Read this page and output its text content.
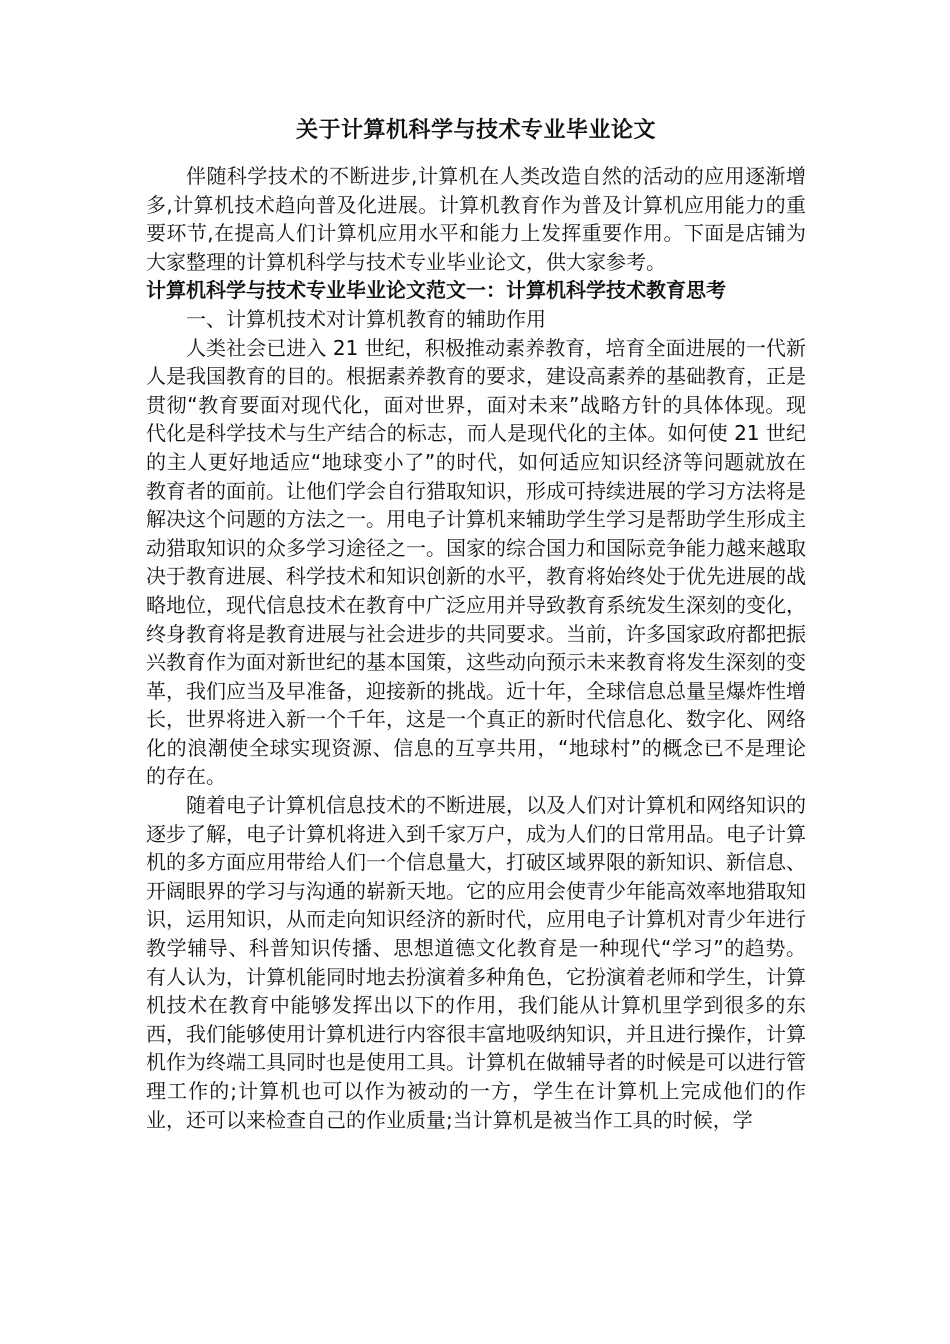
关于计算机科学与技术专业毕业论文

伴随科学技术的不断进步,计算机在人类改造自然的活动的应用逐渐增多,计算机技术趋向普及化进展。计算机教育作为普及计算机应用能力的重要环节,在提高人们计算机应用水平和能力上发挥重要作用。下面是店铺为大家整理的计算机科学与技术专业毕业论文，供大家参考。

计算机科学与技术专业毕业论文范文一：计算机科学技术教育思考

一、计算机技术对计算机教育的辅助作用

人类社会已进入 21 世纪，积极推动素养教育，培育全面进展的一代新人是我国教育的目的。根据素养教育的要求，建设高素养的基础教育，正是贯彻“教育要面对现代化，面对世界，面对未来”战略方针的具体体现。现代化是科学技术与生产结合的标志，而人是现代化的主体。如何使 21 世纪的主人更好地适应“地球变小了”的时代，如何适应知识经济等问题就放在教育者的面前。让他们学会自行猎取知识，形成可持续进展的学习方法将是解决这个问题的方法之一。用电子计算机来辅助学生学习是帮助学生形成主动猎取知识的众多学习途径之一。国家的综合国力和国际竞争能力越来越取决于教育进展、科学技术和知识创新的水平，教育将始终处于优先进展的战略地位，现代信息技术在教育中广泛应用并导致教育系统发生深刻的变化，终身教育将是教育进展与社会进步的共同要求。当前，许多国家政府都把振兴教育作为面对新世纪的基本国策，这些动向预示未来教育将发生深刻的变革，我们应当及早准备，迎接新的挑战。近十年，全球信息总量呈爆炸性增长，世界将进入新一个千年，这是一个真正的新时代信息化、数字化、网络化的浪潮使全球实现资源、信息的互享共用，“地球村”的概念已不是理论的存在。

随着电子计算机信息技术的不断进展，以及人们对计算机和网络知识的逐步了解，电子计算机将进入到千家万户，成为人们的日常用品。电子计算机的多方面应用带给人们一个信息量大，打破区域界限的新知识、新信息、开阔眼界的学习与沟通的崭新天地。它的应用会使青少年能高效率地猎取知识，运用知识，从而走向知识经济的新时代，应用电子计算机对青少年进行教学辅导、科普知识传播、思想道德文化教育是一种现代“学习”的趋势。有人认为，计算机能同时地去扮演着多种角色，它扮演着老师和学生，计算机技术在教育中能够发挥出以下的作用，我们能从计算机里学到很多的东西，我们能够使用计算机进行内容很丰富地吸纳知识，并且进行操作，计算机作为终端工具同时也是使用工具。计算机在做辅导者的时候是可以进行管理工作的;计算机也可以作为被动的一方，学生在计算机上完成他们的作业，还可以来检查自己的作业质量;当计算机是被当作工具的时候，学
